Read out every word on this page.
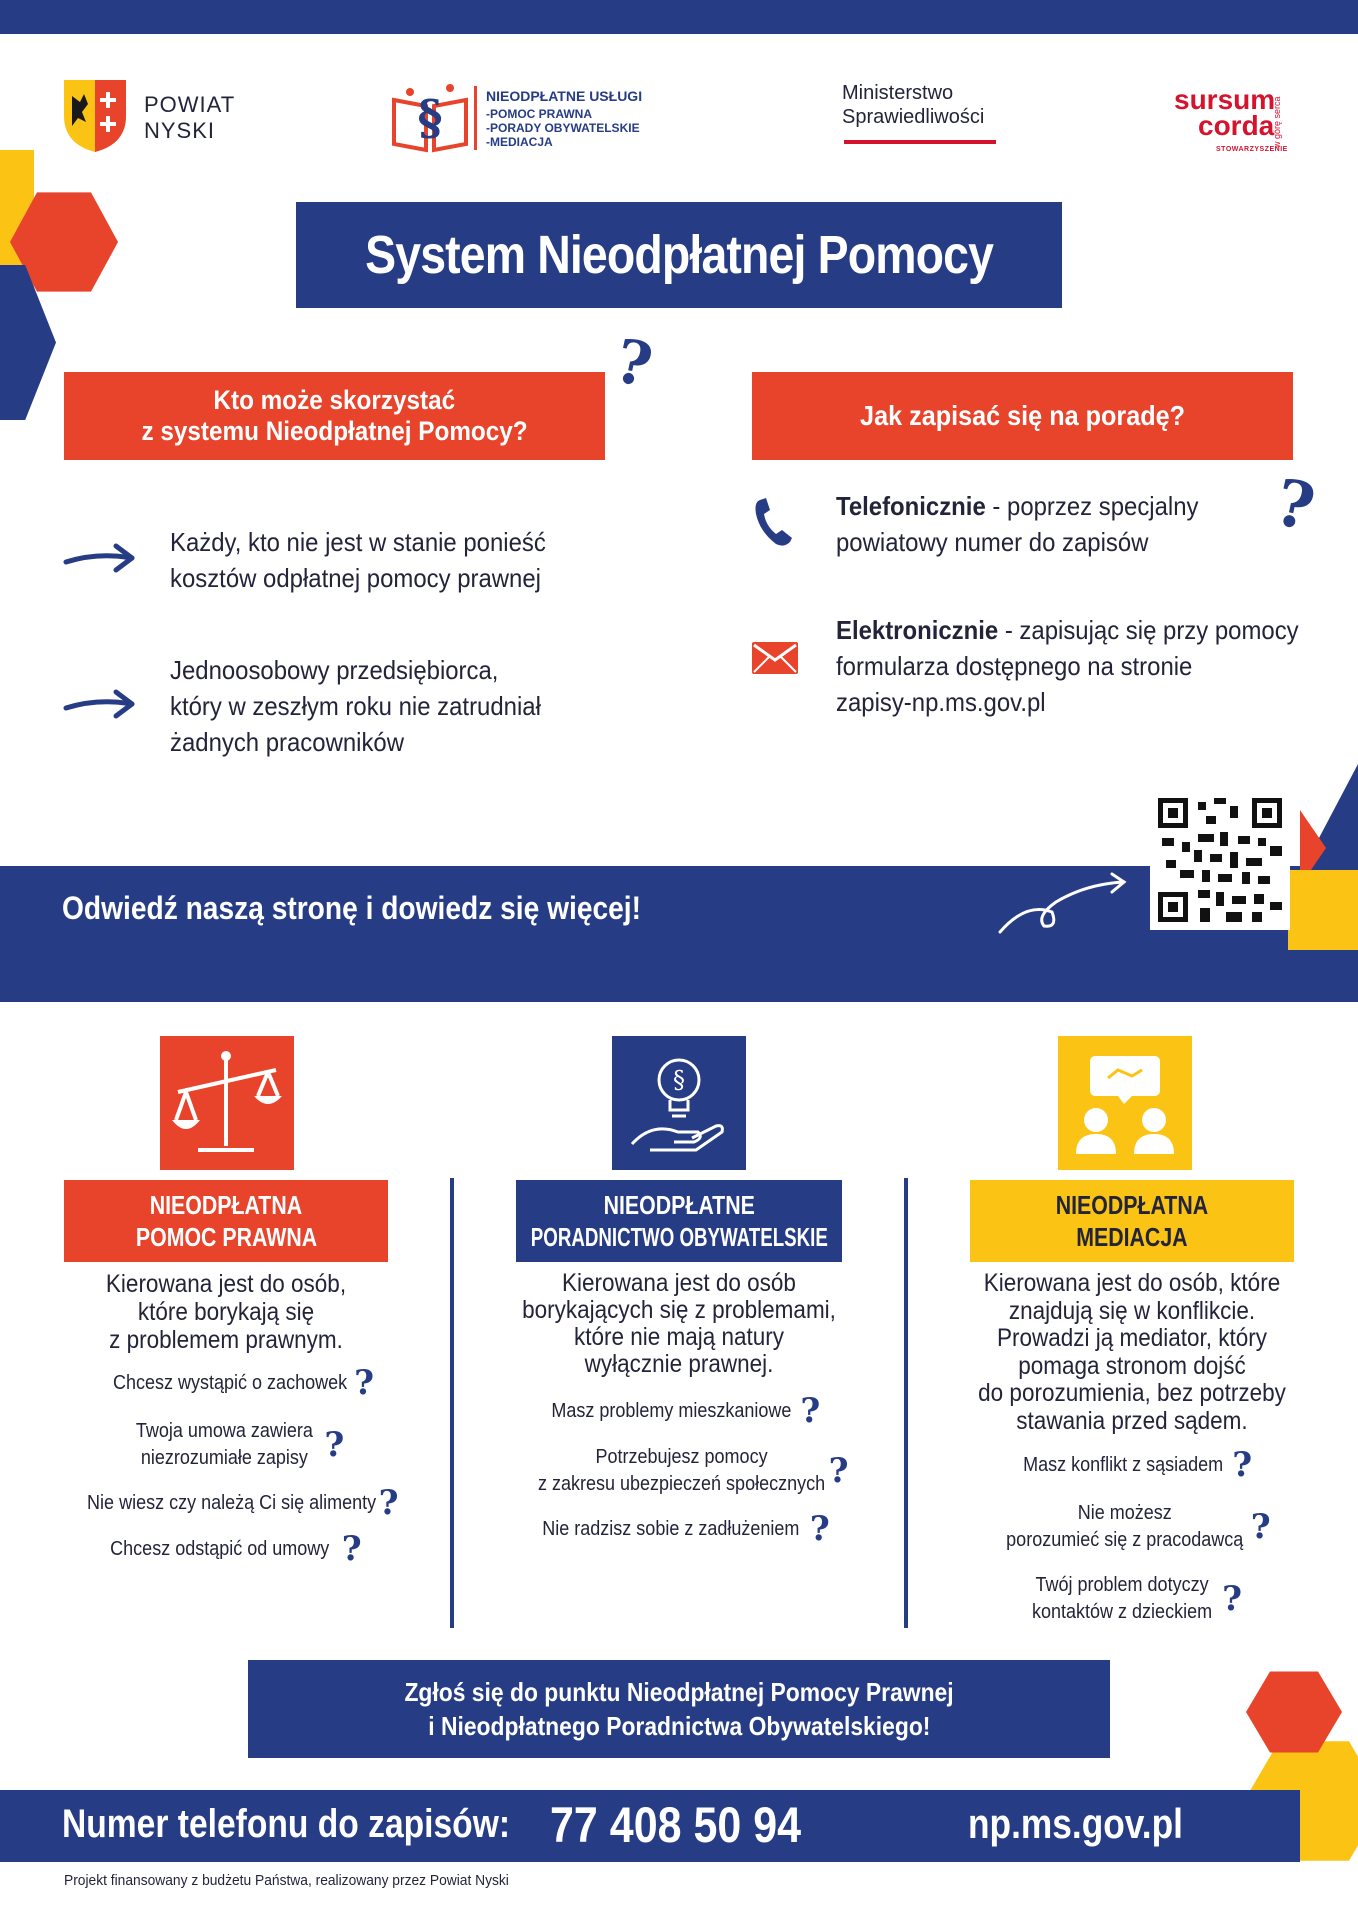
POWIAT
NYSKI	§	NIEODPŁATNE USŁUGI
-POMOC PRAWNA
-PORADY OBYWATELSKIE
-MEDIACJA
Ministerstwo
Sprawiedliwości
sursum
corda
w górę serca
STOWARZYSZENIE
System Nieodpłatnej Pomocy
Kto może skorzystać
z systemu Nieodpłatnej Pomocy?
?
Każdy, kto nie jest w stanie ponieść
kosztów odpłatnej pomocy prawnej
Jednoosobowy przedsiębiorca,
który w zeszłym roku nie zatrudniał
żadnych pracowników
Jak zapisać się na poradę?
Telefonicznie - poprzez specjalny
powiatowy numer do zapisów	?
Elektronicznie - zapisując się przy pomocy
formularza dostępnego na stronie
zapisy-np.ms.gov.pl
Odwiedź naszą stronę i dowiedz się więcej!
§
NIEODPŁATNA
POMOC PRAWNA
NIEODPŁATNE
PORADNICTWO OBYWATELSKIE
NIEODPŁATNA
MEDIACJA
Kierowana jest do osób,
które borykają się
z problemem prawnym.
Chcesz wystąpić o zachowek ?
Twoja umowa zawiera
niezrozumiałe zapisy ?
Nie wiesz czy należą Ci się alimenty ?
Chcesz odstąpić od umowy ?
Kierowana jest do osób
borykających się z problemami,
które nie mają natury
wyłącznie prawnej.
Masz problemy mieszkaniowe ?
Potrzebujesz pomocy
z zakresu ubezpieczeń społecznych ?
Nie radzisz sobie z zadłużeniem ?
Kierowana jest do osób, które
znajdują się w konflikcie.
Prowadzi ją mediator, który
pomaga stronom dojść
do porozumienia, bez potrzeby
stawania przed sądem.
Masz konflikt z sąsiadem ?
Nie możesz
porozumieć się z pracodawcą ?
Twój problem dotyczy
kontaktów z dzieckiem ?
Zgłoś się do punktu Nieodpłatnej Pomocy Prawnej
i Nieodpłatnego Poradnictwa Obywatelskiego!
Numer telefonu do zapisów: 77 408 50 94	np.ms.gov.pl
Projekt finansowany z budżetu Państwa, realizowany przez Powiat Nyski
